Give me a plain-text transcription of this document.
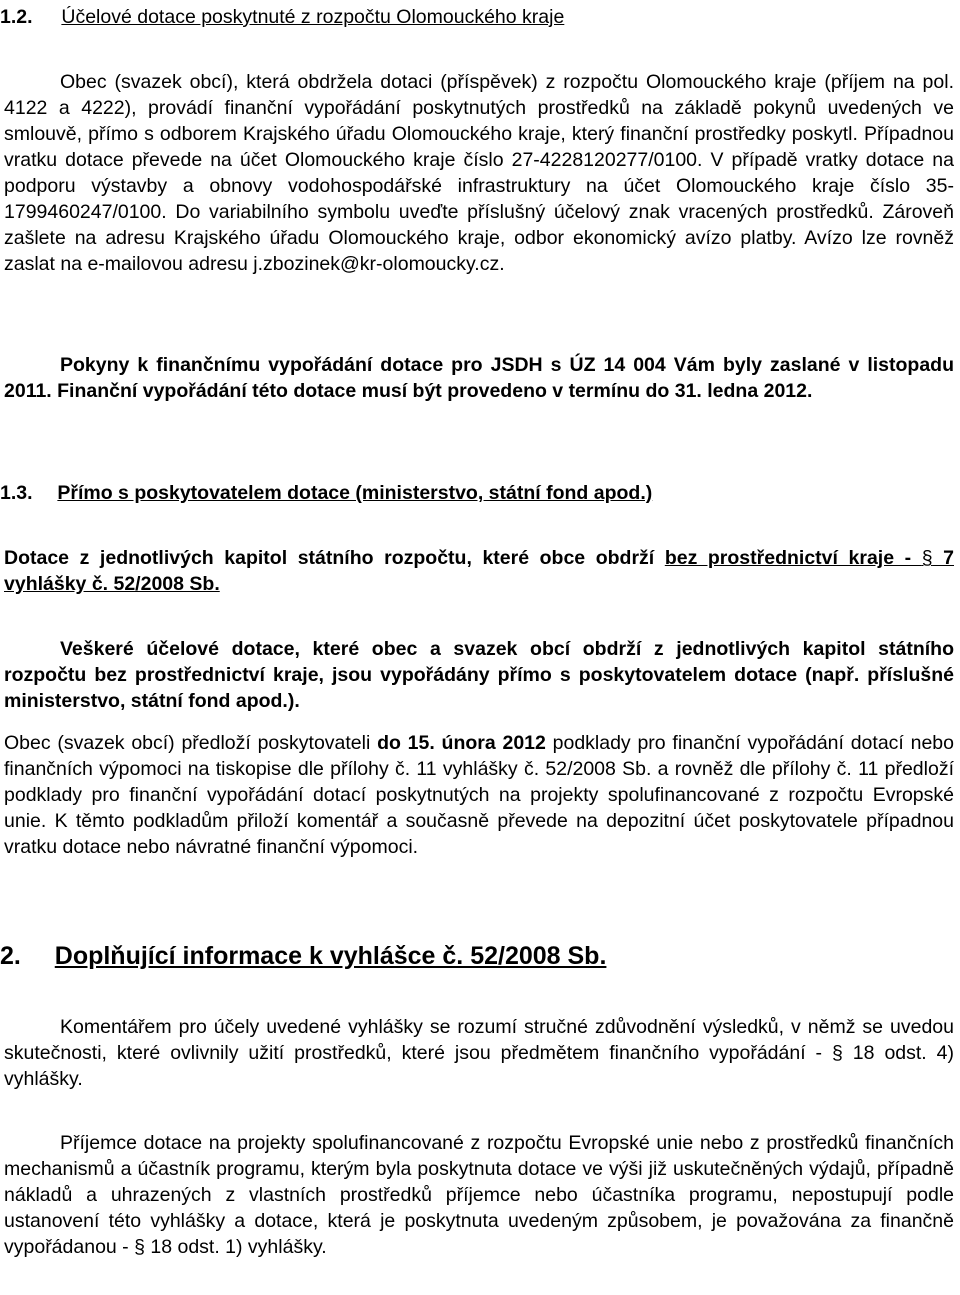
1.2. Účelové dotace poskytnuté z rozpočtu Olomouckého kraje

Obec (svazek obcí), která obdržela dotaci (příspěvek) z rozpočtu Olomouckého kraje (příjem na pol. 4122 a 4222), provádí finanční vypořádání poskytnutých prostředků na základě pokynů uvedených ve smlouvě, přímo s odborem Krajského úřadu Olomouckého kraje, který finanční prostředky poskytl. Případnou vratku dotace převede na účet Olomouckého kraje číslo 27-4228120277/0100. V případě vratky dotace na podporu výstavby a obnovy vodohospodářské infrastruktury na účet Olomouckého kraje číslo 35-1799460247/0100. Do variabilního symbolu uveďte příslušný účelový znak vracených prostředků. Zároveň zašlete na adresu Krajského úřadu Olomouckého kraje, odbor ekonomický avízo platby. Avízo lze rovněž zaslat na e-mailovou adresu j.zbozinek@kr-olomoucky.cz.

Pokyny k finančnímu vypořádání dotace pro JSDH s ÚZ 14 004 Vám byly zaslané v listopadu 2011. Finanční vypořádání této dotace musí být provedeno v termínu do 31. ledna 2012.

1.3. Přímo s poskytovatelem dotace (ministerstvo, státní fond apod.)

Dotace z jednotlivých kapitol státního rozpočtu, které obce obdrží bez prostřednictví kraje - § 7 vyhlášky č. 52/2008 Sb.

Veškeré účelové dotace, které obec a svazek obcí obdrží z jednotlivých kapitol státního rozpočtu bez prostřednictví kraje, jsou vypořádány přímo s poskytovatelem dotace (např. příslušné ministerstvo, státní fond apod.).

Obec (svazek obcí) předloží poskytovateli do 15. února 2012 podklady pro finanční vypořádání dotací nebo finančních výpomoci na tiskopise dle přílohy č. 11 vyhlášky č. 52/2008 Sb. a rovněž dle přílohy č. 11 předloží podklady pro finanční vypořádání dotací poskytnutých na projekty spolufinancované z rozpočtu Evropské unie. K těmto podkladům přiloží komentář a současně převede na depozitní účet poskytovatele případnou vratku dotace nebo návratné finanční výpomoci.

2. Doplňující informace k vyhlášce č. 52/2008 Sb.

Komentářem pro účely uvedené vyhlášky se rozumí stručné zdůvodnění výsledků, v němž se uvedou skutečnosti, které ovlivnily užití prostředků, které jsou předmětem finančního vypořádání - § 18 odst. 4) vyhlášky.

Příjemce dotace na projekty spolufinancované z rozpočtu Evropské unie nebo z prostředků finančních mechanismů a účastník programu, kterým byla poskytnuta dotace ve výši již uskutečněných výdajů, případně nákladů a uhrazených z vlastních prostředků příjemce nebo účastníka programu, nepostupují podle ustanovení této vyhlášky a dotace, která je poskytnuta uvedeným způsobem, je považována za finančně vypořádanou - § 18 odst. 1) vyhlášky.
